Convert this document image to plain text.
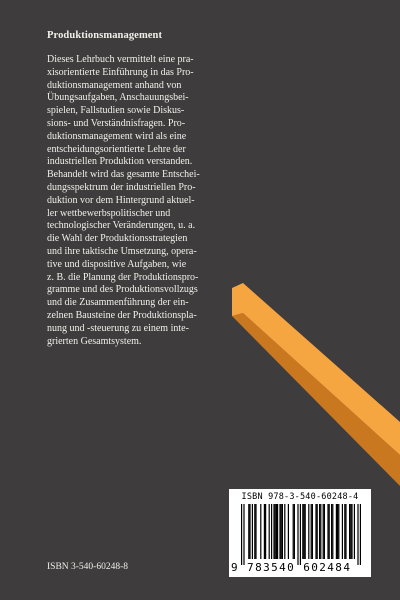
Produktionsmanagement
Dieses Lehrbuch vermittelt eine pra-
xisorientierte Einführung in das Pro-
duktionsmanagement anhand von
Übungsaufgaben, Anschauungsbei-
spielen, Fallstudien sowie Diskus-
sions- und Verständnisfragen. Pro-
duktionsmanagement wird als eine
entscheidungsorientierte Lehre der
industriellen Produktion verstanden.
Behandelt wird das gesamte Entschei-
dungsspektrum der industriellen Pro-
duktion vor dem Hintergrund aktuel-
ler wettbewerbspolitischer und
technologischer Veränderungen, u. a.
die Wahl der Produktionsstrategien
und ihre taktische Umsetzung, opera-
tive und dispositive Aufgaben, wie
z. B. die Planung der Produktionspro-
gramme und des Produktionsvollzugs
und die Zusammenführung der ein-
zelnen Bausteine der Produktionspla-
nung und -steuerung zu einem inte-
grierten Gesamtsystem.
ISBN 3-540-60248-8
ISBN 978-3-540-60248-4
9 783540 602484
